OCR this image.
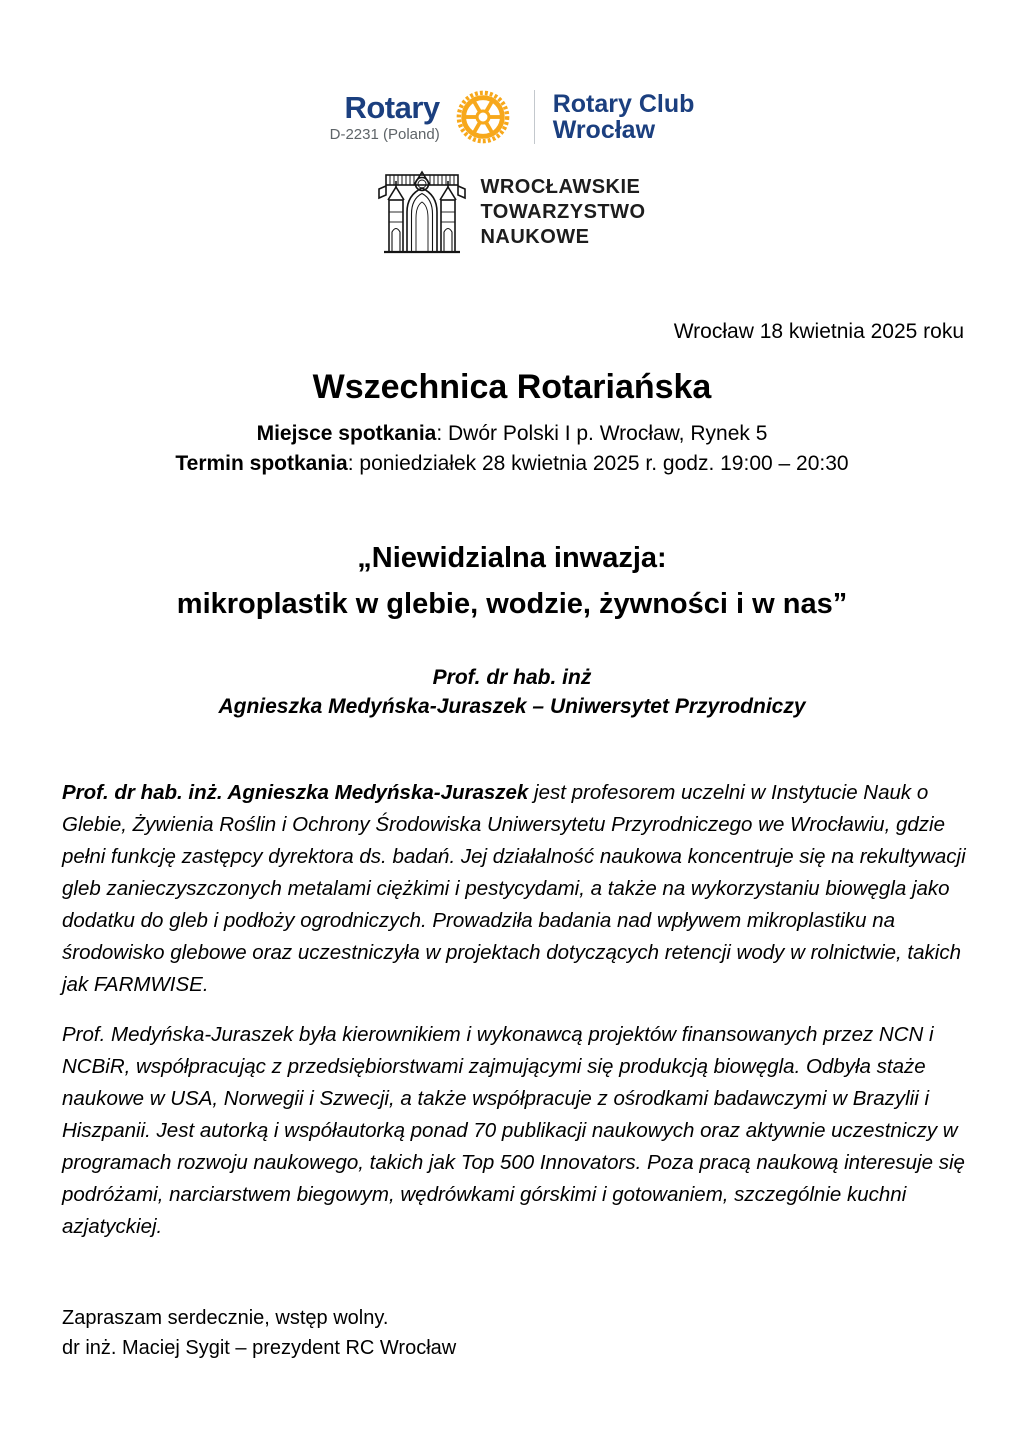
Rotary
D-2231 (Poland)
Rotary Club
Wrocław
WROCŁAWSKIE
TOWARZYSTWO
NAUKOWE
Wrocław 18 kwietnia 2025 roku
Wszechnica Rotariańska
Miejsce spotkania: Dwór Polski I p. Wrocław, Rynek 5
Termin spotkania: poniedziałek 28 kwietnia 2025 r. godz. 19:00 – 20:30
„Niewidzialna inwazja:
mikroplastik w glebie, wodzie, żywności i w nas”
Prof. dr hab. inż
Agnieszka Medyńska-Juraszek – Uniwersytet Przyrodniczy

Prof. dr hab. inż. Agnieszka Medyńska-Juraszek jest profesorem uczelni w Instytucie Nauk o Glebie, Żywienia Roślin i Ochrony Środowiska Uniwersytetu Przyrodniczego we Wrocławiu, gdzie pełni funkcję zastępcy dyrektora ds. badań. Jej działalność naukowa koncentruje się na rekultywacji gleb zanieczyszczonych metalami ciężkimi i pestycydami, a także na wykorzystaniu biowęgla jako dodatku do gleb i podłoży ogrodniczych. Prowadziła badania nad wpływem mikroplastiku na środowisko glebowe oraz uczestniczyła w projektach dotyczących retencji wody w rolnictwie, takich jak FARMWISE.

Prof. Medyńska-Juraszek była kierownikiem i wykonawcą projektów finansowanych przez NCN i NCBiR, współpracując z przedsiębiorstwami zajmującymi się produkcją biowęgla. Odbyła staże naukowe w USA, Norwegii i Szwecji, a także współpracuje z ośrodkami badawczymi w Brazylii i Hiszpanii. Jest autorką i współautorką ponad 70 publikacji naukowych oraz aktywnie uczestniczy w programach rozwoju naukowego, takich jak Top 500 Innovators. Poza pracą naukową interesuje się podróżami, narciarstwem biegowym, wędrówkami górskimi i gotowaniem, szczególnie kuchni azjatyckiej.

Zapraszam serdecznie, wstęp wolny.
dr inż. Maciej Sygit – prezydent RC Wrocław
